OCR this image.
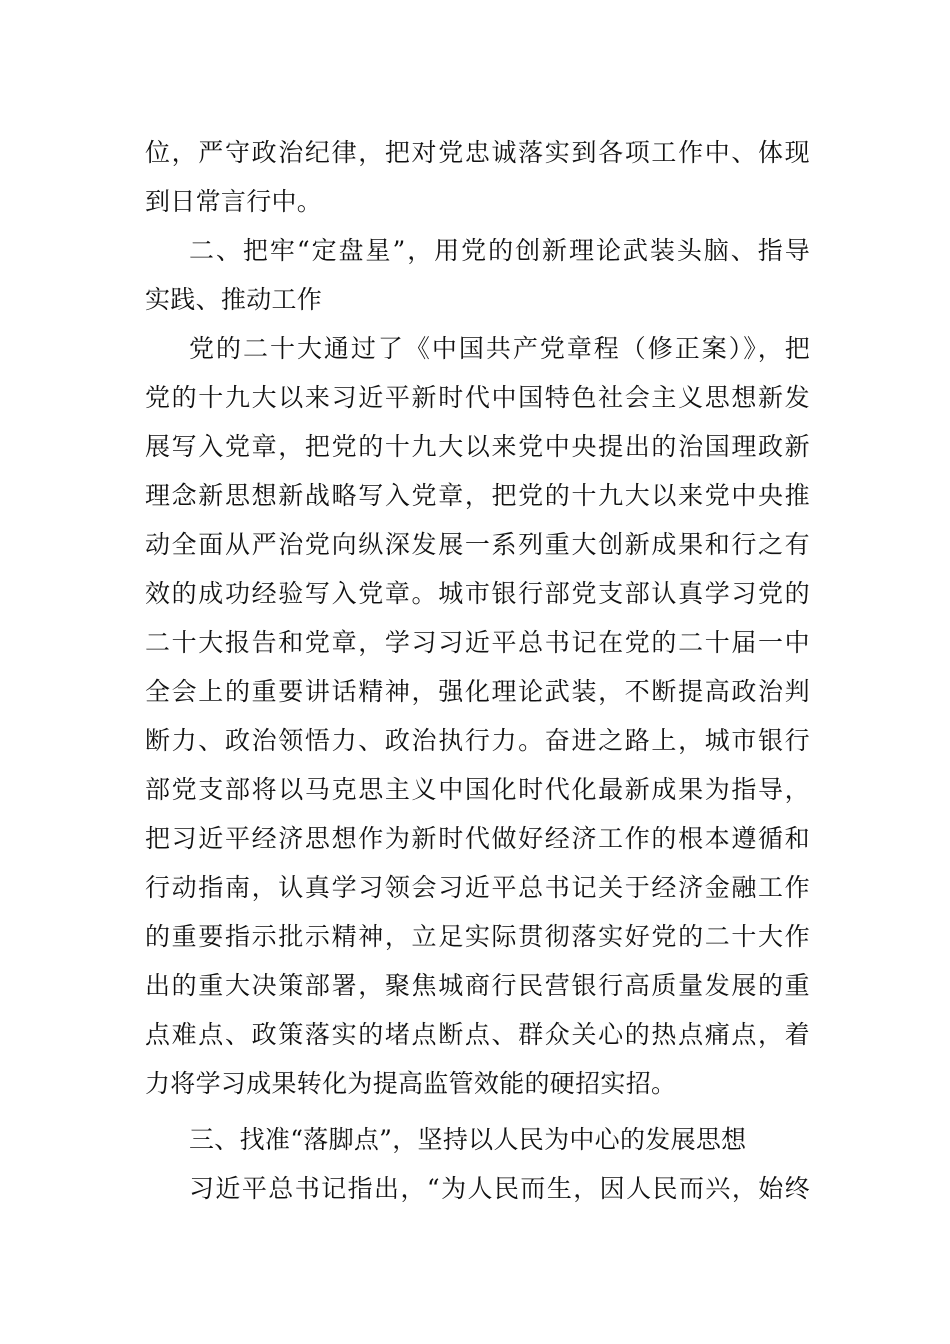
位，严守政治纪律，把对党忠诚落实到各项工作中、体现

到日常言行中。

二、把牢“定盘星”，用党的创新理论武装头脑、指导

实践、推动工作

党的二十大通过了《中国共产党章程（修正案）》，把

党的十九大以来习近平新时代中国特色社会主义思想新发

展写入党章，把党的十九大以来党中央提出的治国理政新

理念新思想新战略写入党章，把党的十九大以来党中央推

动全面从严治党向纵深发展一系列重大创新成果和行之有

效的成功经验写入党章。城市银行部党支部认真学习党的

二十大报告和党章，学习习近平总书记在党的二十届一中

全会上的重要讲话精神，强化理论武装，不断提高政治判

断力、政治领悟力、政治执行力。奋进之路上，城市银行

部党支部将以马克思主义中国化时代化最新成果为指导，

把习近平经济思想作为新时代做好经济工作的根本遵循和

行动指南，认真学习领会习近平总书记关于经济金融工作

的重要指示批示精神，立足实际贯彻落实好党的二十大作

出的重大决策部署，聚焦城商行民营银行高质量发展的重

点难点、政策落实的堵点断点、群众关心的热点痛点，着

力将学习成果转化为提高监管效能的硬招实招。

三、找准“落脚点”，坚持以人民为中心的发展思想

习近平总书记指出，“为人民而生，因人民而兴，始终
